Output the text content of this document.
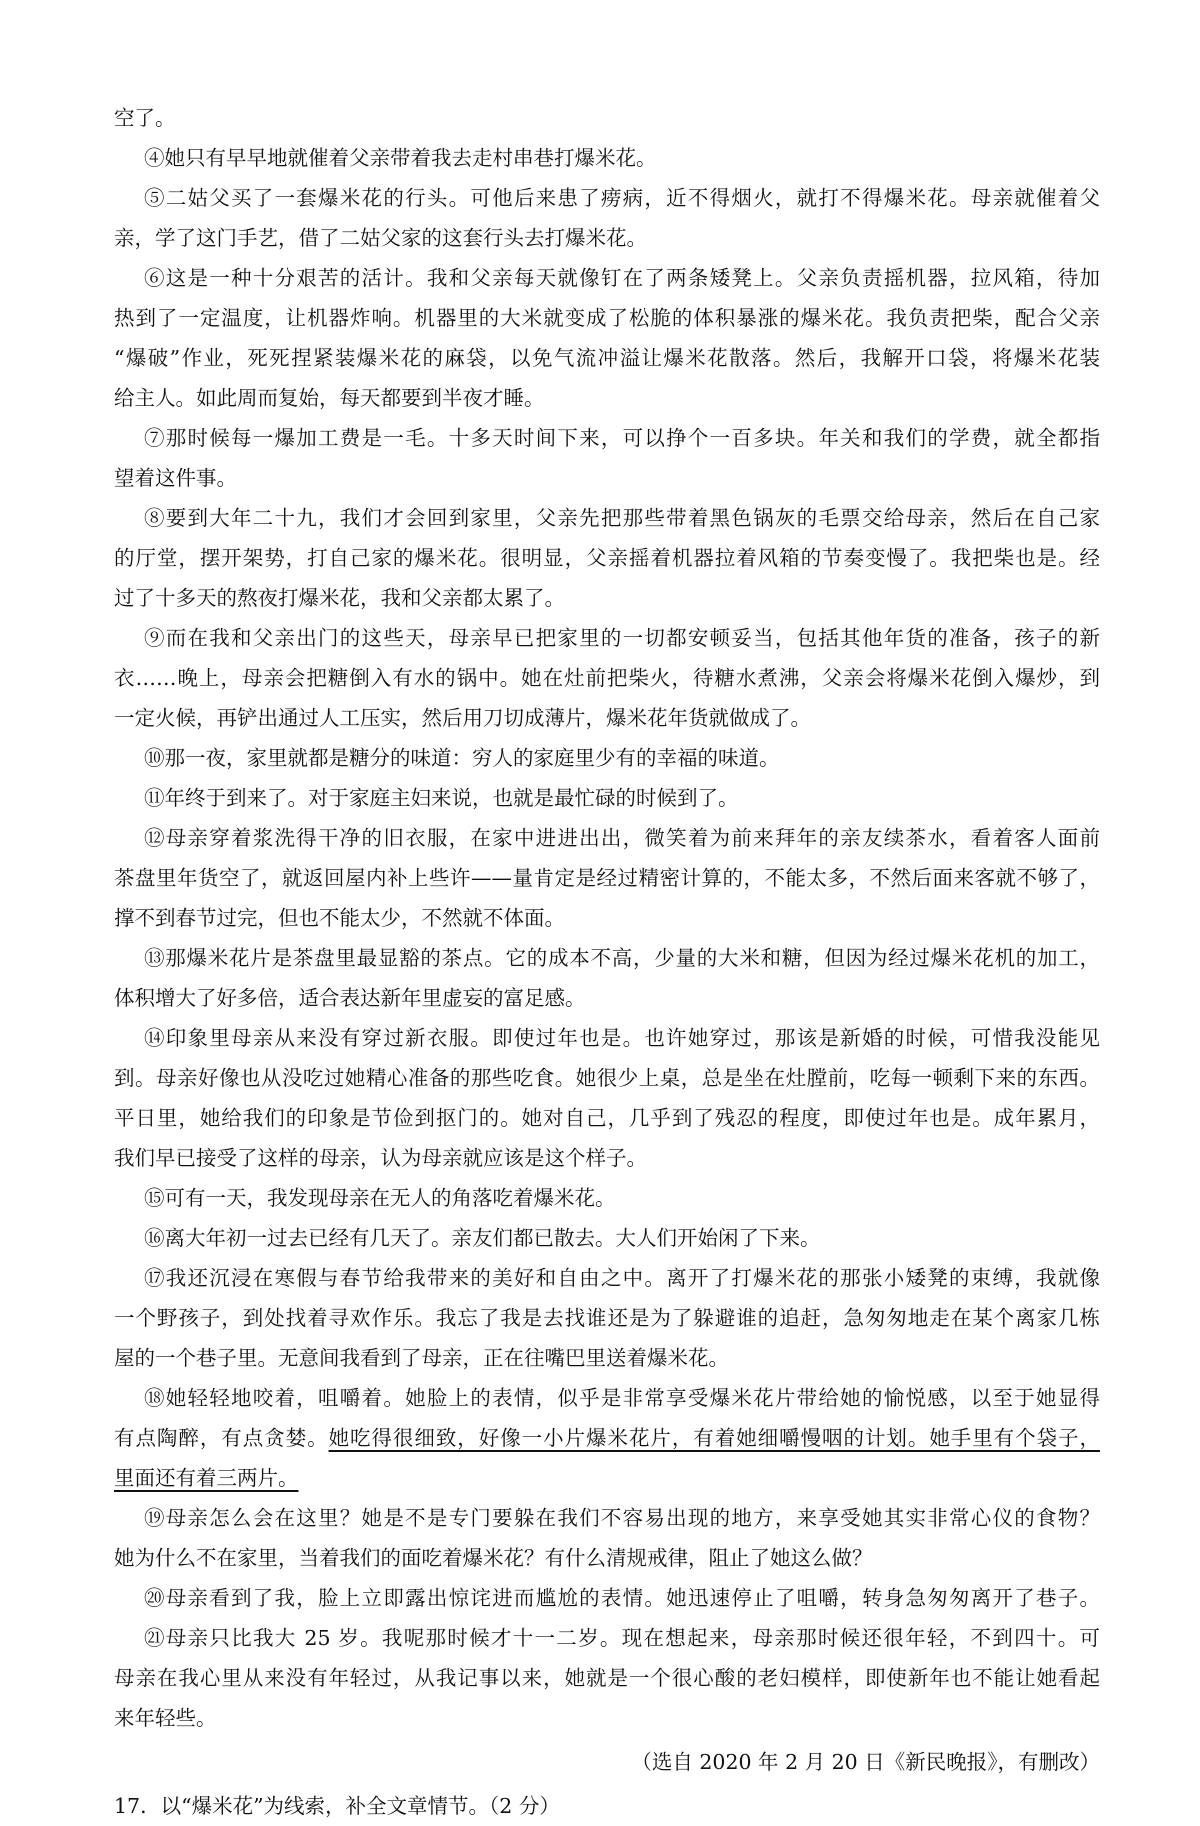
空了。
④她只有早早地就催着父亲带着我去走村串巷打爆米花。
⑤二姑父买了一套爆米花的行头。可他后来患了痨病，近不得烟火，就打不得爆米花。母亲就催着父
亲，学了这门手艺，借了二姑父家的这套行头去打爆米花。
⑥这是一种十分艰苦的活计。我和父亲每天就像钉在了两条矮凳上。父亲负责摇机器，拉风箱，待加
热到了一定温度，让机器炸响。机器里的大米就变成了松脆的体积暴涨的爆米花。我负责把柴，配合父亲
“爆破”作业，死死捏紧装爆米花的麻袋，以免气流冲溢让爆米花散落。然后，我解开口袋，将爆米花装
给主人。如此周而复始，每天都要到半夜才睡。
⑦那时候每一爆加工费是一毛。十多天时间下来，可以挣个一百多块。年关和我们的学费，就全都指
望着这件事。
⑧要到大年二十九，我们才会回到家里，父亲先把那些带着黑色锅灰的毛票交给母亲，然后在自己家
的厅堂，摆开架势，打自己家的爆米花。很明显，父亲摇着机器拉着风箱的节奏变慢了。我把柴也是。经
过了十多天的熬夜打爆米花，我和父亲都太累了。
⑨而在我和父亲出门的这些天，母亲早已把家里的一切都安顿妥当，包括其他年货的准备，孩子的新
衣……晚上，母亲会把糖倒入有水的锅中。她在灶前把柴火，待糖水煮沸，父亲会将爆米花倒入爆炒，到
一定火候，再铲出通过人工压实，然后用刀切成薄片，爆米花年货就做成了。
⑩那一夜，家里就都是糖分的味道：穷人的家庭里少有的幸福的味道。
⑪年终于到来了。对于家庭主妇来说，也就是最忙碌的时候到了。
⑫母亲穿着浆洗得干净的旧衣服，在家中进进出出，微笑着为前来拜年的亲友续茶水，看着客人面前
茶盘里年货空了，就返回屋内补上些许——量肯定是经过精密计算的，不能太多，不然后面来客就不够了，
撑不到春节过完，但也不能太少，不然就不体面。
⑬那爆米花片是茶盘里最显豁的茶点。它的成本不高，少量的大米和糖，但因为经过爆米花机的加工，
体积增大了好多倍，适合表达新年里虚妄的富足感。
⑭印象里母亲从来没有穿过新衣服。即使过年也是。也许她穿过，那该是新婚的时候，可惜我没能见
到。母亲好像也从没吃过她精心准备的那些吃食。她很少上桌，总是坐在灶膛前，吃每一顿剩下来的东西。
平日里，她给我们的印象是节俭到抠门的。她对自己，几乎到了残忍的程度，即使过年也是。成年累月，
我们早已接受了这样的母亲，认为母亲就应该是这个样子。
⑮可有一天，我发现母亲在无人的角落吃着爆米花。
⑯离大年初一过去已经有几天了。亲友们都已散去。大人们开始闲了下来。
⑰我还沉浸在寒假与春节给我带来的美好和自由之中。离开了打爆米花的那张小矮凳的束缚，我就像
一个野孩子，到处找着寻欢作乐。我忘了我是去找谁还是为了躲避谁的追赶，急匆匆地走在某个离家几栋
屋的一个巷子里。无意间我看到了母亲，正在往嘴巴里送着爆米花。
⑱她轻轻地咬着，咀嚼着。她脸上的表情，似乎是非常享受爆米花片带给她的愉悦感，以至于她显得
有点陶醉，有点贪婪。她吃得很细致，好像一小片爆米花片，有着她细嚼慢咽的计划。她手里有个袋子，
里面还有着三两片。
⑲母亲怎么会在这里？她是不是专门要躲在我们不容易出现的地方，来享受她其实非常心仪的食物？
她为什么不在家里，当着我们的面吃着爆米花？有什么清规戒律，阻止了她这么做？
⑳母亲看到了我，脸上立即露出惊诧进而尴尬的表情。她迅速停止了咀嚼，转身急匆匆离开了巷子。
㉑母亲只比我大 25 岁。我呢那时候才十一二岁。现在想起来，母亲那时候还很年轻，不到四十。可
母亲在我心里从来没有年轻过，从我记事以来，她就是一个很心酸的老妇模样，即使新年也不能让她看起
来年轻些。
（选自 2020 年 2 月 20 日《新民晚报》，有删改）
17．以“爆米花”为线索，补全文章情节。（2 分）
